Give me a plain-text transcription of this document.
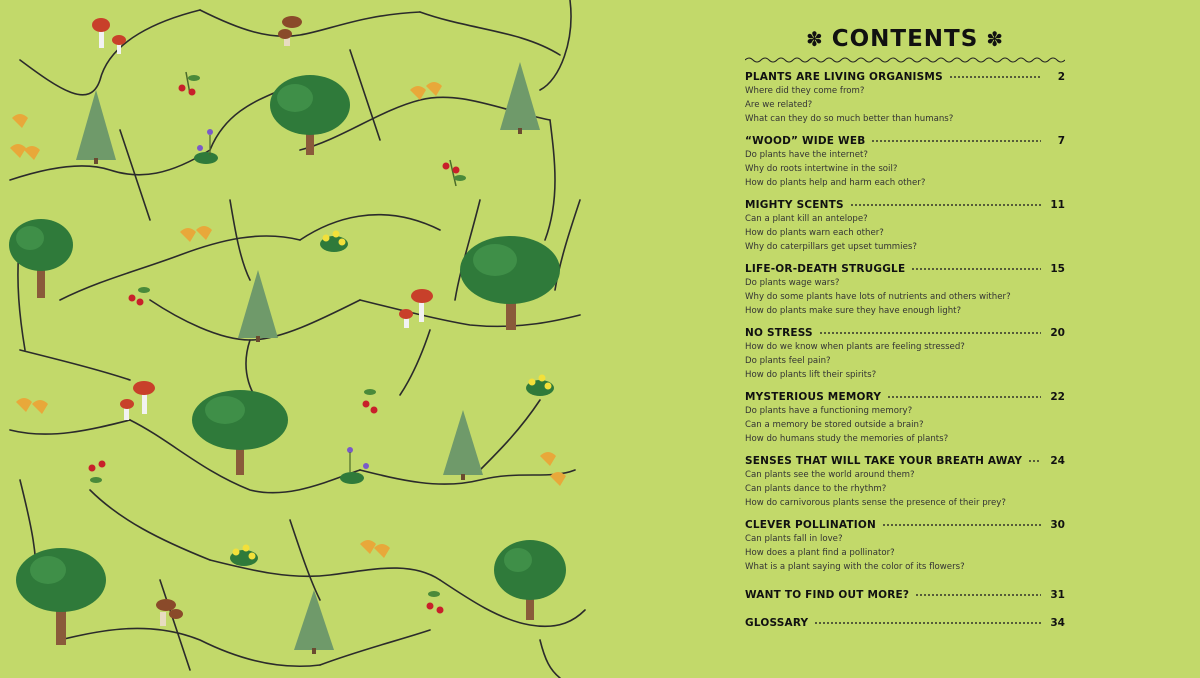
✽ CONTENTS ✽
PLANTS ARE LIVING ORGANISMS	2
Where did they come from?
Are we related?
What can they do so much better than humans?
“WOOD” WIDE WEB	7
Do plants have the internet?
Why do roots intertwine in the soil?
How do plants help and harm each other?
MIGHTY SCENTS	11
Can a plant kill an antelope?
How do plants warn each other?
Why do caterpillars get upset tummies?
LIFE-OR-DEATH STRUGGLE	15
Do plants wage wars?
Why do some plants have lots of nutrients and others wither?
How do plants make sure they have enough light?
NO STRESS	20
How do we know when plants are feeling stressed?
Do plants feel pain?
How do plants lift their spirits?
MYSTERIOUS MEMORY	22
Do plants have a functioning memory?
Can a memory be stored outside a brain?
How do humans study the memories of plants?
SENSES THAT WILL TAKE YOUR BREATH AWAY	24
Can plants see the world around them?
Can plants dance to the rhythm?
How do carnivorous plants sense the presence of their prey?
CLEVER POLLINATION	30
Can plants fall in love?
How does a plant find a pollinator?
What is a plant saying with the color of its flowers?
WANT TO FIND OUT MORE?	31
GLOSSARY	34
